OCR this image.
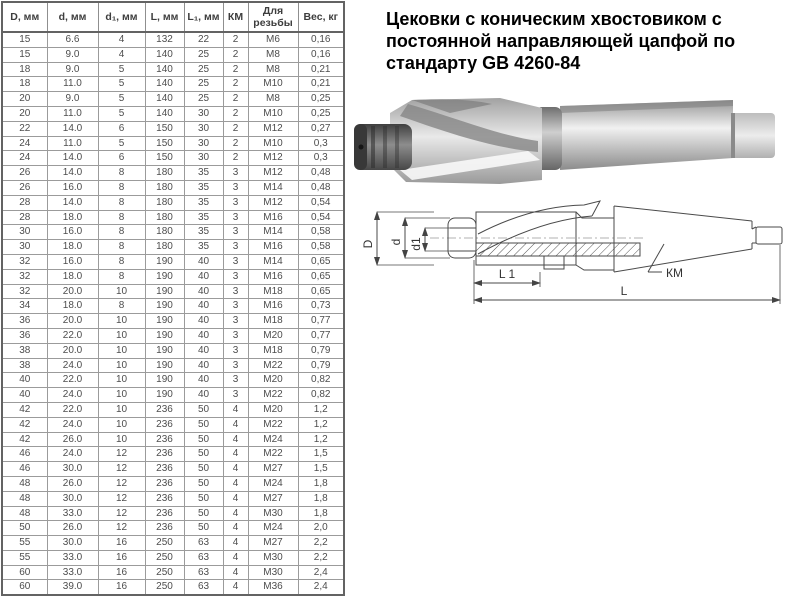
D, мм	d, мм	d₁, мм	L, мм	L₁, мм	КМ	Для резьбы	Вес, кг
15	6.6	4	132	22	2	M6	0,16
15	9.0	4	140	25	2	M8	0,16
18	9.0	5	140	25	2	M8	0,21
18	11.0	5	140	25	2	M10	0,21
20	9.0	5	140	25	2	M8	0,25
20	11.0	5	140	30	2	M10	0,25
22	14.0	6	150	30	2	M12	0,27
24	11.0	5	150	30	2	M10	0,3
24	14.0	6	150	30	2	M12	0,3
26	14.0	8	180	35	3	M12	0,48
26	16.0	8	180	35	3	M14	0,48
28	14.0	8	180	35	3	M12	0,54
28	18.0	8	180	35	3	M16	0,54
30	16.0	8	180	35	3	M14	0,58
30	18.0	8	180	35	3	M16	0,58
32	16.0	8	190	40	3	M14	0,65
32	18.0	8	190	40	3	M16	0,65
32	20.0	10	190	40	3	M18	0,65
34	18.0	8	190	40	3	M16	0,73
36	20.0	10	190	40	3	M18	0,77
36	22.0	10	190	40	3	M20	0,77
38	20.0	10	190	40	3	M18	0,79
38	24.0	10	190	40	3	M22	0,79
40	22.0	10	190	40	3	M20	0,82
40	24.0	10	190	40	3	M22	0,82
42	22.0	10	236	50	4	M20	1,2
42	24.0	10	236	50	4	M22	1,2
42	26.0	10	236	50	4	M24	1,2
46	24.0	12	236	50	4	M22	1,5
46	30.0	12	236	50	4	M27	1,5
48	26.0	12	236	50	4	M24	1,8
48	30.0	12	236	50	4	M27	1,8
48	33.0	12	236	50	4	M30	1,8
50	26.0	12	236	50	4	M24	2,0
55	30.0	16	250	63	4	M27	2,2
55	33.0	16	250	63	4	M30	2,2
60	33.0	16	250	63	4	M30	2,4
60	39.0	16	250	63	4	M36	2,4
Цековки с коническим хвостовиком с постоянной направляющей цапфой по стандарту GB 4260-84
D d d1
L 1
L
КМ
